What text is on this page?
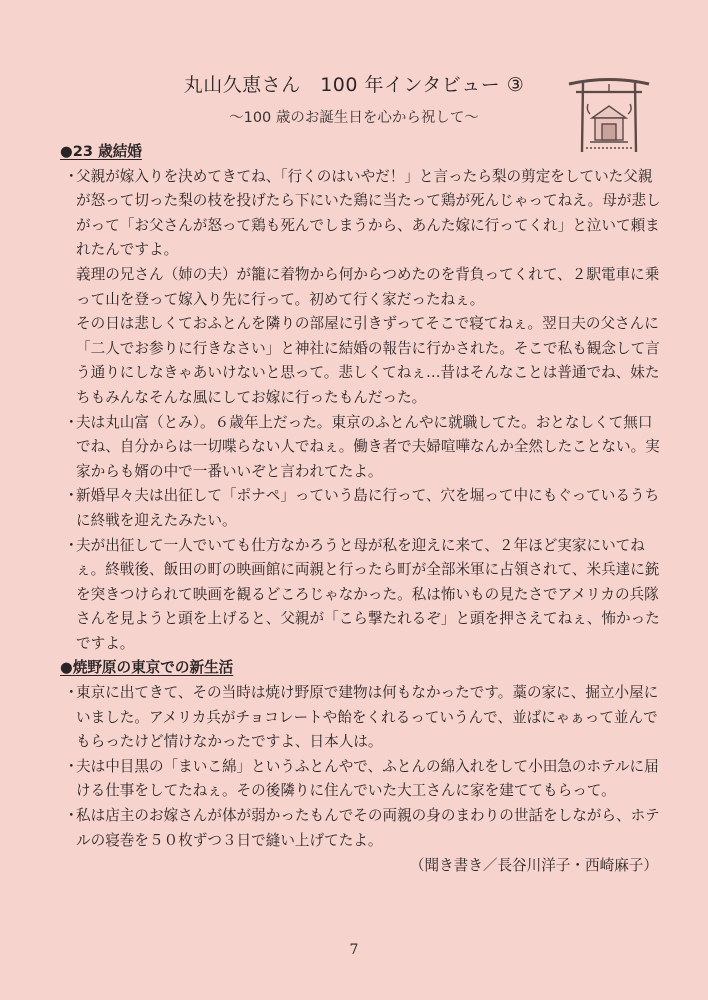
丸山久恵さん　100 年インタビュー ③
〜100 歳のお誕生日を心から祝して〜
●23 歳結婚
・

父親が嫁入りを決めてきてね、「行くのはいやだ！」と言ったら梨の剪定をしていた父親が怒って切った梨の枝を投げたら下にいた鶏に当たって鶏が死んじゃってねえ。母が悲しがって「お父さんが怒って鶏も死んでしまうから、あんた嫁に行ってくれ」と泣いて頼まれたんですよ。

義理の兄さん（姉の夫）が籠に着物から何からつめたのを背負ってくれて、２駅電車に乗って山を登って嫁入り先に行って。初めて行く家だったねぇ。

その日は悲しくておふとんを隣りの部屋に引きずってそこで寝てねぇ。翌日夫の父さんに「二人でお参りに行きなさい」と神社に結婚の報告に行かされた。そこで私も観念して言う通りにしなきゃあいけないと思って。悲しくてねぇ…昔はそんなことは普通でね、妹たちもみんなそんな風にしてお嫁に行ったもんだった。

・

夫は丸山富（とみ）。６歳年上だった。東京のふとんやに就職してた。おとなしくて無口でね、自分からは一切喋らない人でねぇ。働き者で夫婦喧嘩なんか全然したことない。実家からも婿の中で一番いいぞと言われてたよ。

・

新婚早々夫は出征して「ポナペ」っていう島に行って、穴を堀って中にもぐっているうちに終戦を迎えたみたい。

・

夫が出征して一人でいても仕方なかろうと母が私を迎えに来て、２年ほど実家にいてねぇ。終戦後、飯田の町の映画館に両親と行ったら町が全部米軍に占領されて、米兵達に銃を突きつけられて映画を観るどころじゃなかった。私は怖いもの見たさでアメリカの兵隊さんを見ようと頭を上げると、父親が「こら撃たれるぞ」と頭を押さえてねぇ、怖かったですよ。

●焼野原の東京での新生活
・

東京に出てきて、その当時は焼け野原で建物は何もなかったです。藁の家に、掘立小屋にいました。アメリカ兵がチョコレートや飴をくれるっていうんで、並ばにゃぁって並んでもらったけど情けなかったですよ、日本人は。

・

夫は中目黒の「まいこ綿」というふとんやで、ふとんの綿入れをして小田急のホテルに届ける仕事をしてたねぇ。その後隣りに住んでいた大工さんに家を建ててもらって。

・

私は店主のお嫁さんが体が弱かったもんでその両親の身のまわりの世話をしながら、ホテルの寝巻を５０枚ずつ３日で縫い上げてたよ。

（聞き書き／長谷川洋子・西崎麻子）
7
